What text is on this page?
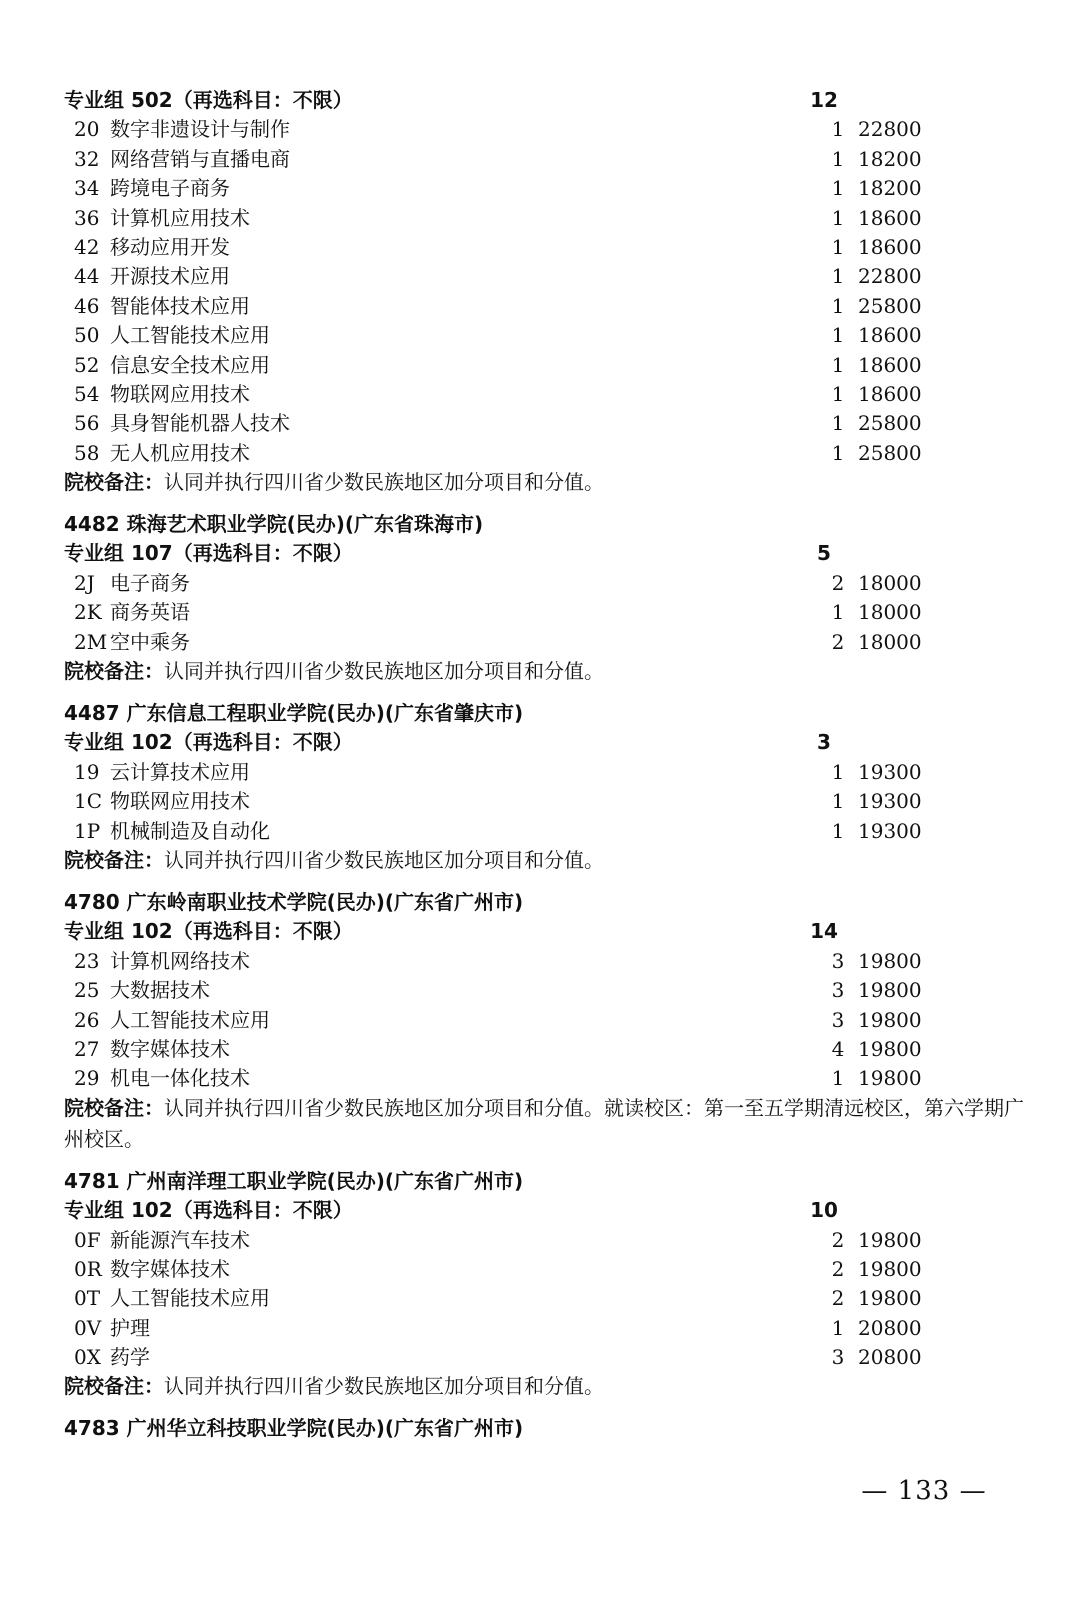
专业组 502（再选科目：不限）	12
20 数字非遗设计与制作	1 22800
32 网络营销与直播电商	1 18200
34 跨境电子商务	1 18200
36 计算机应用技术	1 18600
42 移动应用开发	1 18600
44 开源技术应用	1 22800
46 智能体技术应用	1 25800
50 人工智能技术应用	1 18600
52 信息安全技术应用	1 18600
54 物联网应用技术	1 18600
56 具身智能机器人技术	1 25800
58 无人机应用技术	1 25800
院校备注：认同并执行四川省少数民族地区加分项目和分值。
4482 珠海艺术职业学院(民办)(广东省珠海市)
专业组 107（再选科目：不限）	5
2J 电子商务	2 18000
2K 商务英语	1 18000
2M 空中乘务	2 18000
院校备注：认同并执行四川省少数民族地区加分项目和分值。
4487 广东信息工程职业学院(民办)(广东省肇庆市)
专业组 102（再选科目：不限）	3
19 云计算技术应用	1 19300
1C 物联网应用技术	1 19300
1P 机械制造及自动化	1 19300
院校备注：认同并执行四川省少数民族地区加分项目和分值。
4780 广东岭南职业技术学院(民办)(广东省广州市)
专业组 102（再选科目：不限）	14
23 计算机网络技术	3 19800
25 大数据技术	3 19800
26 人工智能技术应用	3 19800
27 数字媒体技术	4 19800
29 机电一体化技术	1 19800
院校备注：认同并执行四川省少数民族地区加分项目和分值。就读校区：第一至五学期清远校区，第六学期广州校区。
4781 广州南洋理工职业学院(民办)(广东省广州市)
专业组 102（再选科目：不限）	10
0F 新能源汽车技术	2 19800
0R 数字媒体技术	2 19800
0T 人工智能技术应用	2 19800
0V 护理	1 20800
0X 药学	3 20800
院校备注：认同并执行四川省少数民族地区加分项目和分值。
4783 广州华立科技职业学院(民办)(广东省广州市)
— 133 —
